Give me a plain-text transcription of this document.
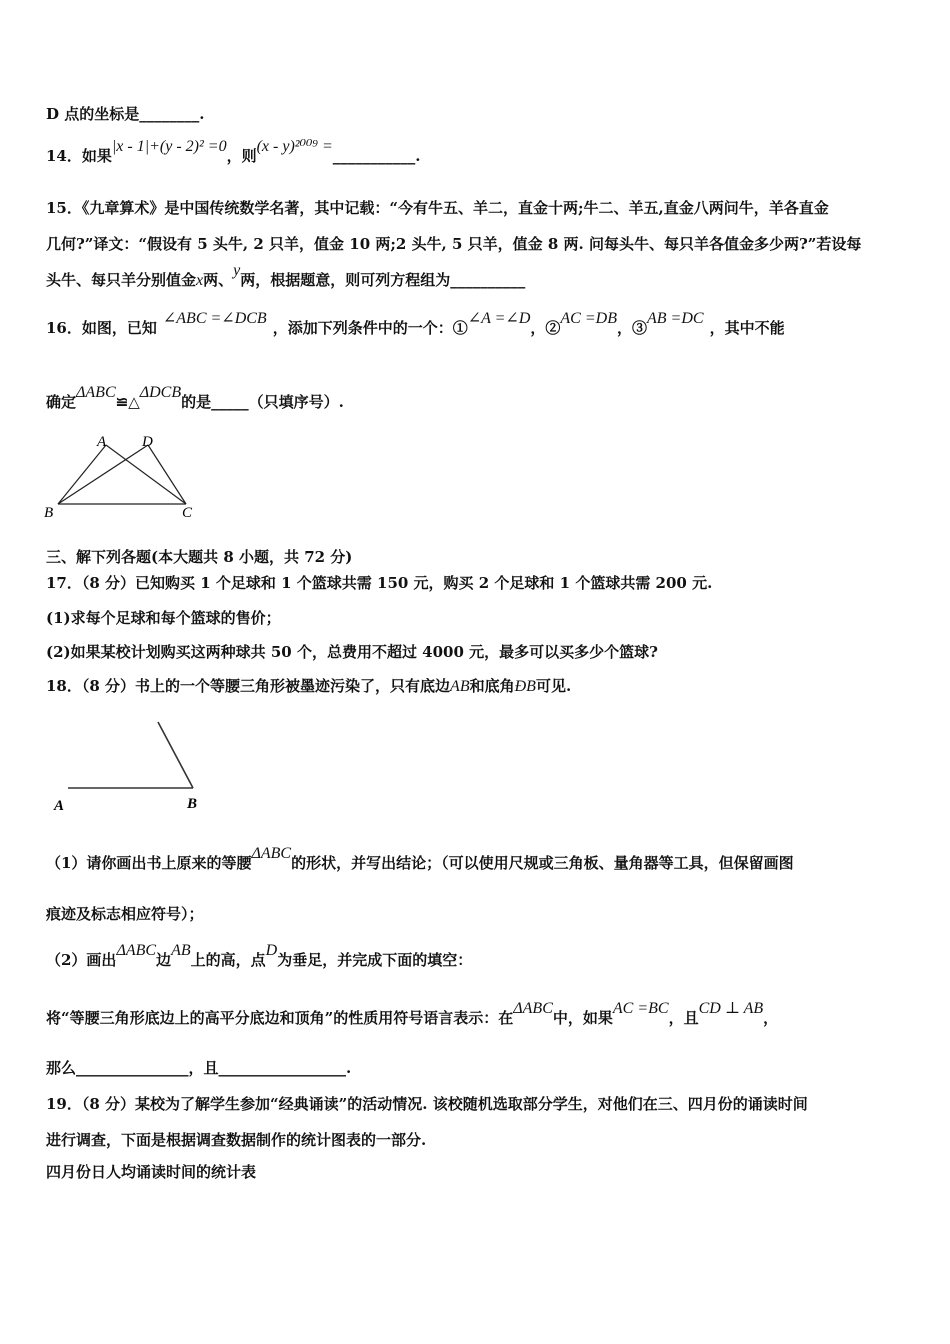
D 点的坐标是________.
14．如果|x - 1|+(y - 2)² =0，则(x - y)²⁰⁰⁹ =___________.
15．《九章算术》是中国传统数学名著，其中记载：“今有牛五、羊二，直金十两;牛二、羊五,直金八两问牛，羊各直金
几何?”译文：“假设有 5 头牛, 2 只羊，值金 10 两;2 头牛, 5 只羊，值金 8 两. 问每头牛、每只羊各值金多少两?”若设每
头牛、每只羊分别值金x两、y两，根据题意，则可列方程组为__________
16．如图，已知∠ABC =∠DCB，添加下列条件中的一个：①∠A =∠D，②AC =DB，③AB =DC，其中不能
确定ΔABC≌△ΔDCB的是_____（只填序号）.
A D
B	C
三、解下列各题(本大题共 8 小题，共 72 分)
17．（8 分）已知购买 1 个足球和 1 个篮球共需 150 元，购买 2 个足球和 1 个篮球共需 200 元.
(1)求每个足球和每个篮球的售价；
(2)如果某校计划购买这两种球共 50 个，总费用不超过 4000 元，最多可以买多少个篮球?
18．（8 分）书上的一个等腰三角形被墨迹污染了，只有底边AB和底角ÐB可见.
A	B
（1）请你画出书上原来的等腰ΔABC的形状，并写出结论；（可以使用尺规或三角板、量角器等工具，但保留画图
痕迹及标志相应符号）；
（2）画出ΔABC边AB上的高，点D为垂足，并完成下面的填空：
将“等腰三角形底边上的高平分底边和顶角”的性质用符号语言表示：在ΔABC中，如果AC =BC，且CD ⊥ AB，
那么_______________，且_________________.
19．（8 分）某校为了解学生参加“经典诵读”的活动情况. 该校随机选取部分学生，对他们在三、四月份的诵读时间
进行调查，下面是根据调查数据制作的统计图表的一部分.
四月份日人均诵读时间的统计表
